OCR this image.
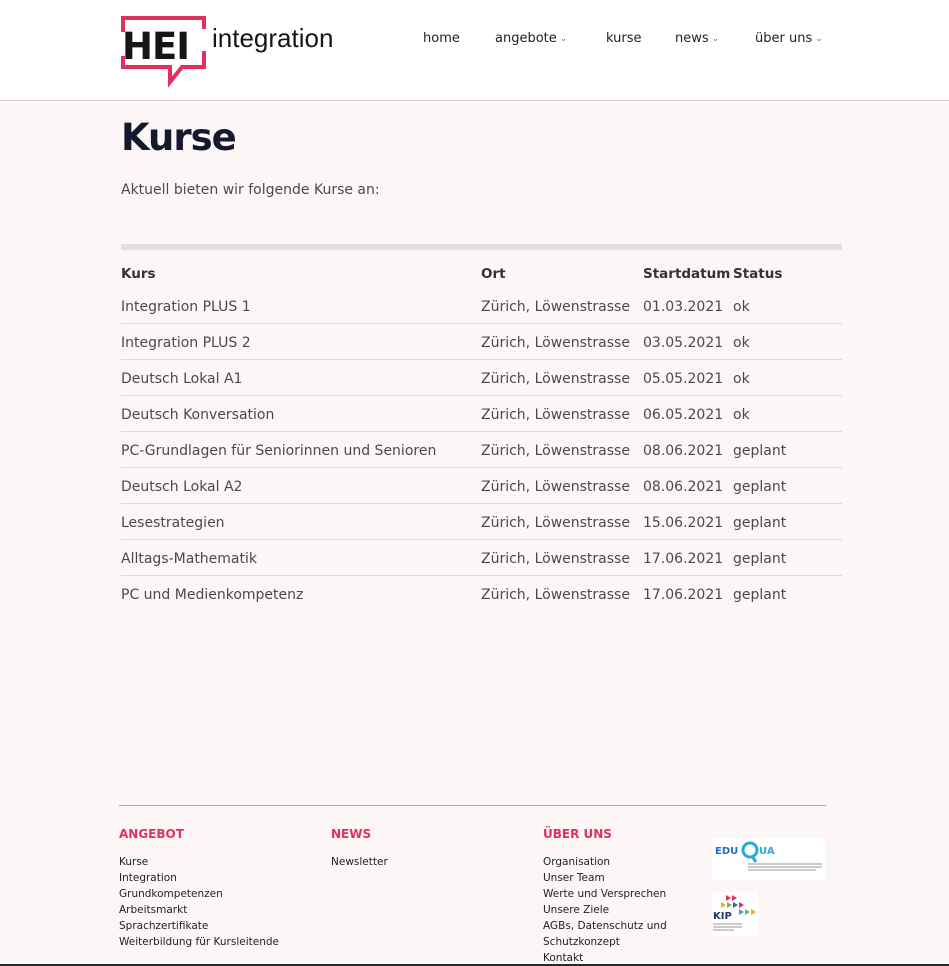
HEI integration	home	angebote ⌄	kurse	news ⌄	über uns ⌄
Kurse

Aktuell bieten wir folgende Kurse an:

Kurs	Ort	Startdatum Status
Integration PLUS 1	Zürich, Löwenstrasse 01.03.2021 ok
Integration PLUS 2	Zürich, Löwenstrasse 03.05.2021 ok
Deutsch Lokal A1	Zürich, Löwenstrasse 05.05.2021 ok
Deutsch Konversation	Zürich, Löwenstrasse 06.05.2021 ok
PC-Grundlagen für Seniorinnen und Senioren	Zürich, Löwenstrasse 08.06.2021 geplant
Deutsch Lokal A2	Zürich, Löwenstrasse 08.06.2021 geplant
Lesestrategien	Zürich, Löwenstrasse 15.06.2021 geplant
Alltags-Mathematik	Zürich, Löwenstrasse 17.06.2021 geplant
PC und Medienkompetenz	Zürich, Löwenstrasse 17.06.2021 geplant
ANGEBOT
Kurse
Integration
Grundkompetenzen
Arbeitsmarkt
Sprachzertifikate
Weiterbildung für Kursleitende
NEWS
Newsletter
ÜBER UNS
Organisation
Unser Team
Werte und Versprechen
Unsere Ziele
AGBs, Datenschutz und
Schutzkonzept
Kontakt
EDU UA
KIP
